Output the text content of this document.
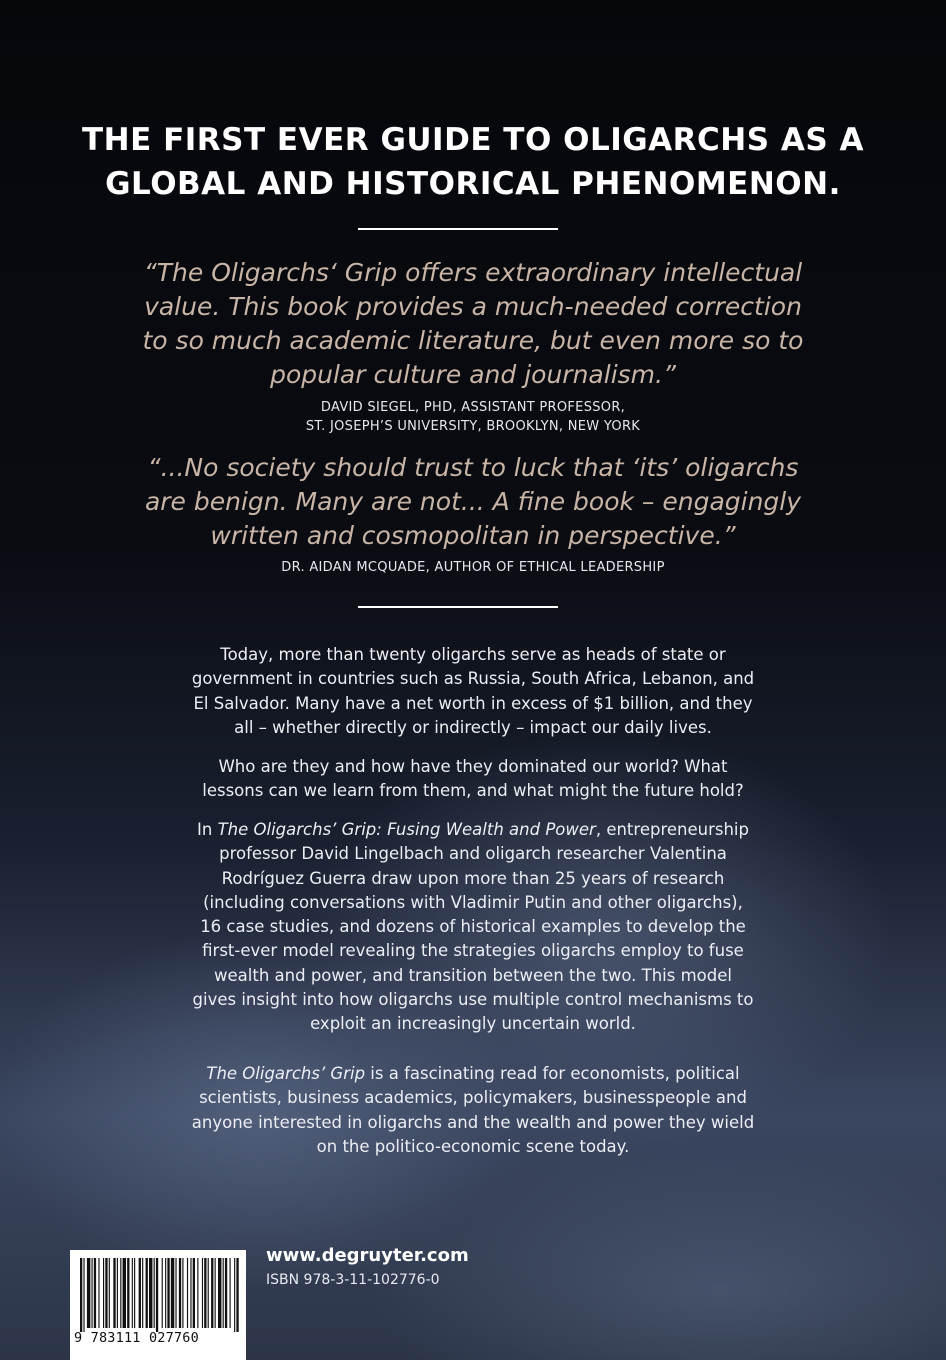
THE FIRST EVER GUIDE TO OLIGARCHS AS A
GLOBAL AND HISTORICAL PHENOMENON.
“The Oligarchs‘ Grip offers extraordinary intellectual
value. This book provides a much-needed correction
to so much academic literature, but even more so to
popular culture and journalism.”
DAVID SIEGEL, PHD, ASSISTANT PROFESSOR,
ST. JOSEPH’S UNIVERSITY, BROOKLYN, NEW YORK
“...No society should trust to luck that ‘its’ oligarchs
are benign. Many are not... A fine book – engagingly
written and cosmopolitan in perspective.”
DR. AIDAN MCQUADE, AUTHOR OF ETHICAL LEADERSHIP
Today, more than twenty oligarchs serve as heads of state or
government in countries such as Russia, South Africa, Lebanon, and
El Salvador. Many have a net worth in excess of $1 billion, and they
all – whether directly or indirectly – impact our daily lives.
Who are they and how have they dominated our world? What
lessons can we learn from them, and what might the future hold?
In The Oligarchs’ Grip: Fusing Wealth and Power, entrepreneurship
professor David Lingelbach and oligarch researcher Valentina
Rodríguez Guerra draw upon more than 25 years of research
(including conversations with Vladimir Putin and other oligarchs),
16 case studies, and dozens of historical examples to develop the
first-ever model revealing the strategies oligarchs employ to fuse
wealth and power, and transition between the two. This model
gives insight into how oligarchs use multiple control mechanisms to
exploit an increasingly uncertain world.
The Oligarchs’ Grip is a fascinating read for economists, political
scientists, business academics, policymakers, businesspeople and
anyone interested in oligarchs and the wealth and power they wield
on the politico-economic scene today.
9 783111 027760
www.degruyter.com
ISBN 978-3-11-102776-0
